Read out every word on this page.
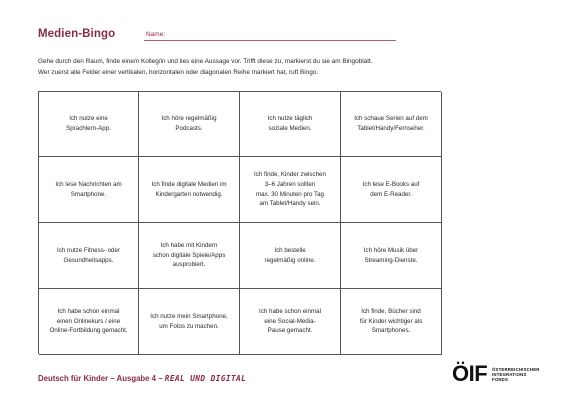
Medien-Bingo	Name:

Gehe durch den Raum, finde eine/n Kolleg/in und lies eine Aussage vor. Trifft diese zu, markierst du sie am Bingoblatt.

Wer zuerst alle Felder einer vertikalen, horizontalen oder diagonalen Reihe markiert hat, ruft Bingo.

Ich nutze eine
Sprachlern-App.
Ich höre regelmäßig
Podcasts.
Ich nutze täglich
soziale Medien.
Ich schaue Serien auf dem
Tablet/Handy/Fernseher.
Ich lese Nachrichten am
Smartphone.
Ich finde digitale Medien im
Kindergarten notwendig.
Ich finde, Kinder zwischen
3–6 Jahren sollten
max. 30 Minuten pro Tag
am Tablet/Handy sein.
Ich lese E-Books auf
dem E-Reader.
Ich nutze Fitness- oder
Gesundheitsapps.
Ich habe mit Kindern
schon digitale Spiele/Apps
ausprobiert.
Ich bestelle
regelmäßig online.
Ich höre Musik über
Streaming-Dienste.
Ich habe schon einmal
einen Onlinekurs / eine
Online-Fortbildung gemacht.
Ich nutze mein Smartphone,
um Fotos zu machen.
Ich habe schon einmal
eine Social-Media-
Pause gemacht.
Ich finde, Bücher sind
für Kinder wichtiger als
Smartphones.
Deutsch für Kinder – Ausgabe 4 – REAL UND DIGITAL	ÖIF ÖSTERREICHISCHER
INTEGRATIONS
FONDS
